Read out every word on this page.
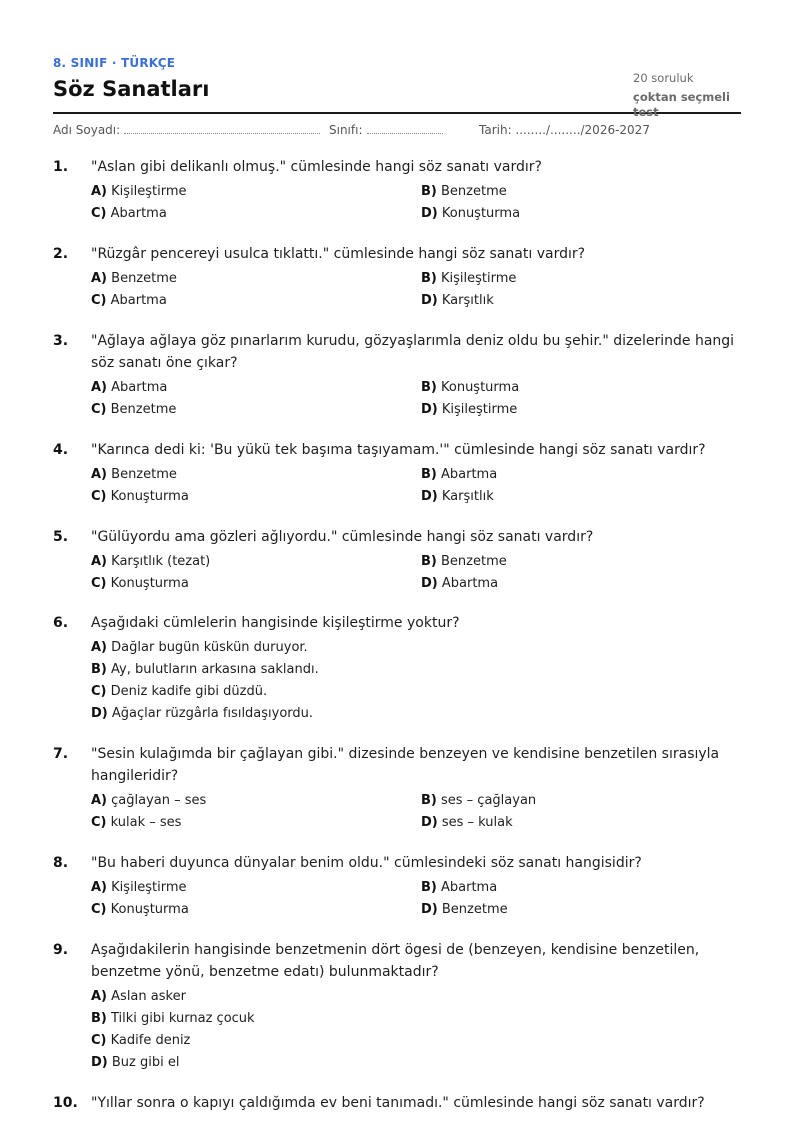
8. SINIF · TÜRKÇE
Söz Sanatları	20 soruluk
çoktan seçmeli test
Adı Soyadı:	Sınıfı:	Tarih: ......../......../2026-2027
1. "Aslan gibi delikanlı olmuş." cümlesinde hangi söz sanatı vardır?
A) Kişileştirme	B) Benzetme
C) Abartma	D) Konuşturma
2. "Rüzgâr pencereyi usulca tıklattı." cümlesinde hangi söz sanatı vardır?
A) Benzetme	B) Kişileştirme
C) Abartma	D) Karşıtlık
3. "Ağlaya ağlaya göz pınarlarım kurudu, gözyaşlarımla deniz oldu bu şehir." dizelerinde hangi söz sanatı öne çıkar?
A) Abartma	B) Konuşturma
C) Benzetme	D) Kişileştirme
4. "Karınca dedi ki: 'Bu yükü tek başıma taşıyamam.'" cümlesinde hangi söz sanatı vardır?
A) Benzetme	B) Abartma
C) Konuşturma	D) Karşıtlık
5. "Gülüyordu ama gözleri ağlıyordu." cümlesinde hangi söz sanatı vardır?
A) Karşıtlık (tezat)	B) Benzetme
C) Konuşturma	D) Abartma
6. Aşağıdaki cümlelerin hangisinde kişileştirme yoktur?
A) Dağlar bugün küskün duruyor.
B) Ay, bulutların arkasına saklandı.
C) Deniz kadife gibi düzdü.
D) Ağaçlar rüzgârla fısıldaşıyordu.
7. "Sesin kulağımda bir çağlayan gibi." dizesinde benzeyen ve kendisine benzetilen sırasıyla hangileridir?
A) çağlayan – ses	B) ses – çağlayan
C) kulak – ses	D) ses – kulak
8. "Bu haberi duyunca dünyalar benim oldu." cümlesindeki söz sanatı hangisidir?
A) Kişileştirme	B) Abartma
C) Konuşturma	D) Benzetme
9. Aşağıdakilerin hangisinde benzetmenin dört ögesi de (benzeyen, kendisine benzetilen, benzetme yönü, benzetme edatı) bulunmaktadır?
A) Aslan asker
B) Tilki gibi kurnaz çocuk
C) Kadife deniz
D) Buz gibi el
10. "Yıllar sonra o kapıyı çaldığımda ev beni tanımadı." cümlesinde hangi söz sanatı vardır?
